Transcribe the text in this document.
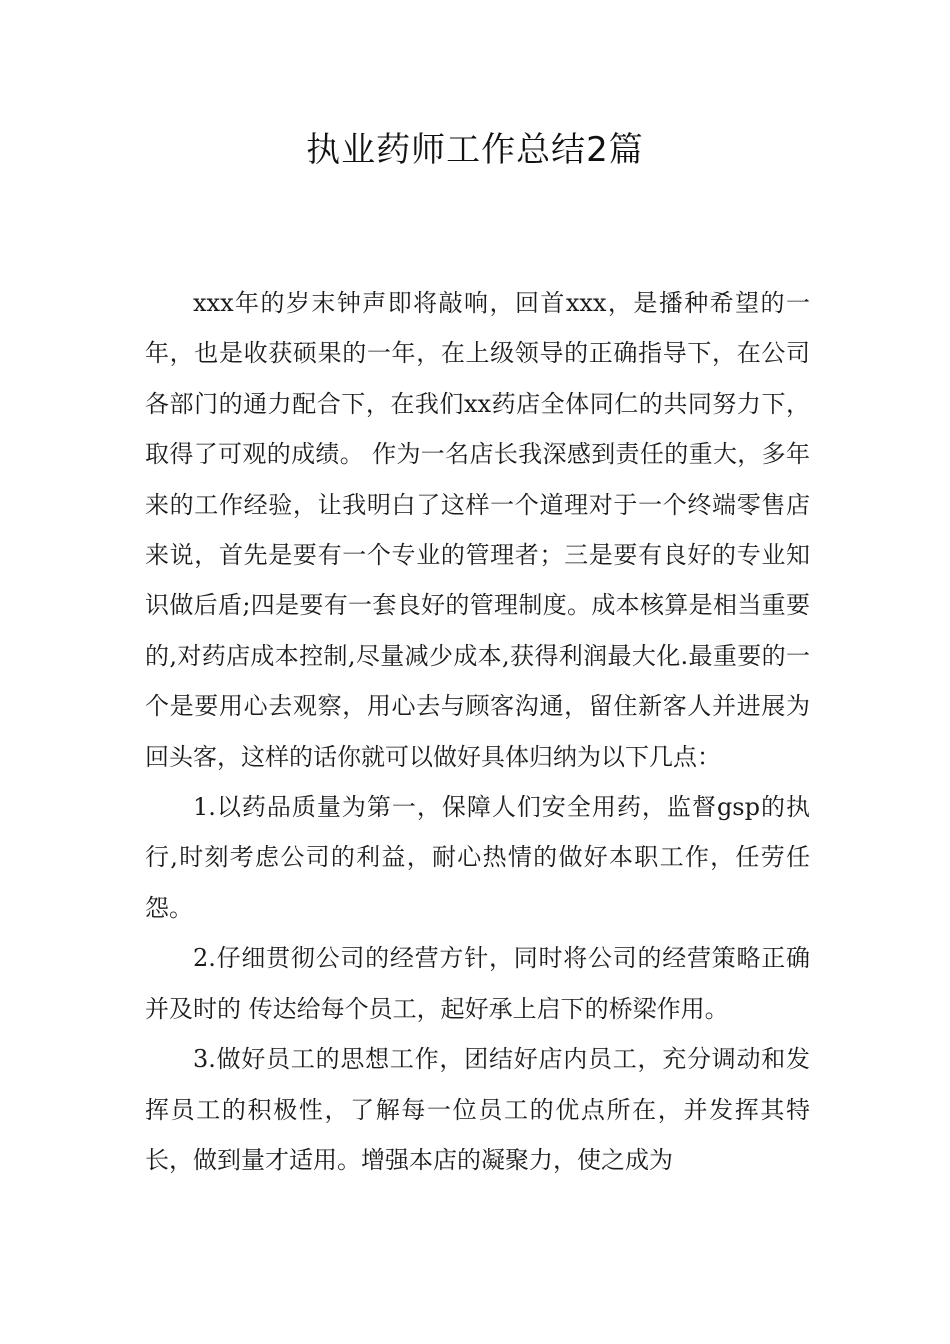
执业药师工作总结2篇

xxx年的岁末钟声即将敲响，回首xxx，是播种希望的一年，也是收获硕果的一年，在上级领导的正确指导下，在公司各部门的通力配合下，在我们xx药店全体同仁的共同努力下，取得了可观的成绩。 作为一名店长我深感到责任的重大，多年来的工作经验，让我明白了这样一个道理对于一个终端零售店来说，首先是要有一个专业的管理者；三是要有良好的专业知识做后盾;四是要有一套良好的管理制度。成本核算是相当重要的,对药店成本控制,尽量减少成本,获得利润最大化.最重要的一个是要用心去观察，用心去与顾客沟通，留住新客人并进展为回头客，这样的话你就可以做好具体归纳为以下几点：

1.以药品质量为第一，保障人们安全用药，监督gsp的执行,时刻考虑公司的利益，耐心热情的做好本职工作，任劳任怨。

2.仔细贯彻公司的经营方针，同时将公司的经营策略正确并及时的 传达给每个员工，起好承上启下的桥梁作用。

3.做好员工的思想工作，团结好店内员工，充分调动和发挥员工的积极性，了解每一位员工的优点所在，并发挥其特长，做到量才适用。增强本店的凝聚力，使之成为
